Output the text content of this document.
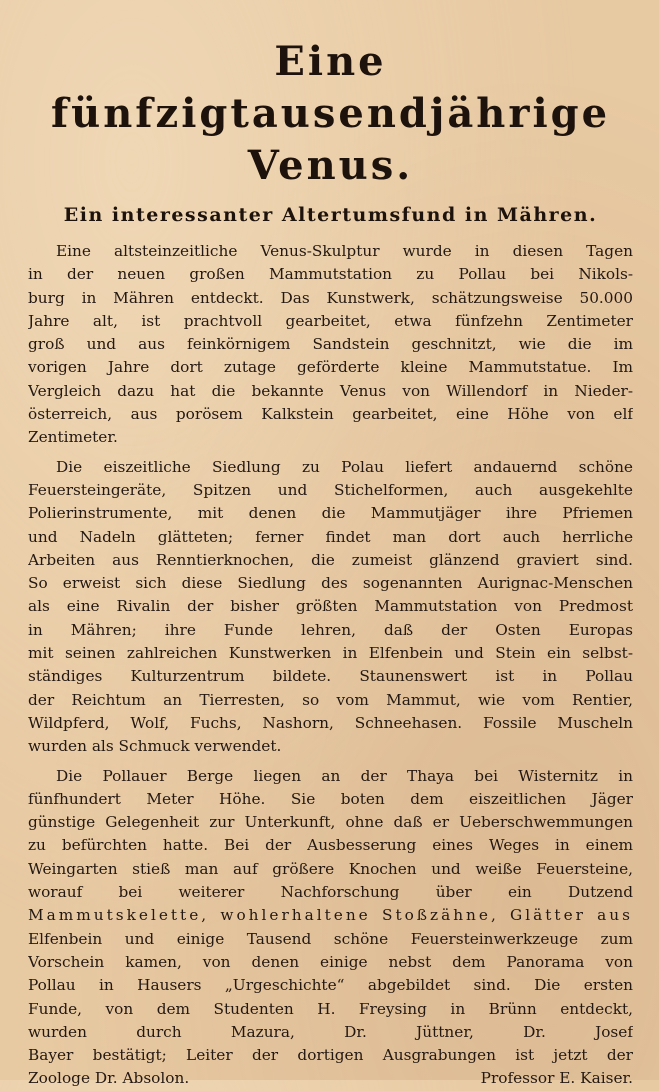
Eine fünfzigtausendjährige
Venus.
Ein interessanter Altertumsfund in Mähren.

Eine altsteinzeitliche Venus-Skulptur wurde in diesen Tagen
in der neuen großen Mammutstation zu Pollau bei Nikols-
burg in Mähren entdeckt. Das Kunstwerk, schätzungsweise 50.000
Jahre alt, ist prachtvoll gearbeitet, etwa fünfzehn Zentimeter
groß und aus feinkörnigem Sandstein geschnitzt, wie die im
vorigen Jahre dort zutage geförderte kleine Mammutstatue. Im
Vergleich dazu hat die bekannte Venus von Willendorf in Nieder-
österreich, aus porösem Kalkstein gearbeitet, eine Höhe von elf
Zentimeter.

Die eiszeitliche Siedlung zu Polau liefert andauernd schöne
Feuersteingeräte, Spitzen und Stichelformen, auch ausgekehlte
Polierinstrumente, mit denen die Mammutjäger ihre Pfriemen
und Nadeln glätteten; ferner findet man dort auch herrliche
Arbeiten aus Renntierknochen, die zumeist glänzend graviert sind.
So erweist sich diese Siedlung des sogenannten Aurignac-Menschen
als eine Rivalin der bisher größten Mammutstation von Predmost
in Mähren; ihre Funde lehren, daß der Osten Europas
mit seinen zahlreichen Kunstwerken in Elfenbein und Stein ein selbst-
ständiges Kulturzentrum bildete. Staunenswert ist in Pollau
der Reichtum an Tierresten, so vom Mammut, wie vom Rentier,
Wildpferd, Wolf, Fuchs, Nashorn, Schneehasen. Fossile Muscheln
wurden als Schmuck verwendet.

Die Pollauer Berge liegen an der Thaya bei Wisternitz in
fünfhundert Meter Höhe. Sie boten dem eiszeitlichen Jäger
günstige Gelegenheit zur Unterkunft, ohne daß er Ueberschwemmungen
zu befürchten hatte. Bei der Ausbesserung eines Weges in einem
Weingarten stieß man auf größere Knochen und weiße Feuersteine,
worauf bei weiterer Nachforschung über ein Dutzend
Mammutskelette, wohlerhaltene Stoßzähne, Glätter aus
Elfenbein und einige Tausend schöne Feuersteinwerkzeuge zum
Vorschein kamen, von denen einige nebst dem Panorama von
Pollau in Hausers „Urgeschichte“ abgebildet sind. Die ersten
Funde, von dem Studenten H. Freysing in Brünn entdeckt,
wurden durch Mazura, Dr. Jüttner, Dr. Josef
Bayer bestätigt; Leiter der dortigen Ausgrabungen ist jetzt der
Zoologe Dr. Absolon.	Professor E. Kaiser.
